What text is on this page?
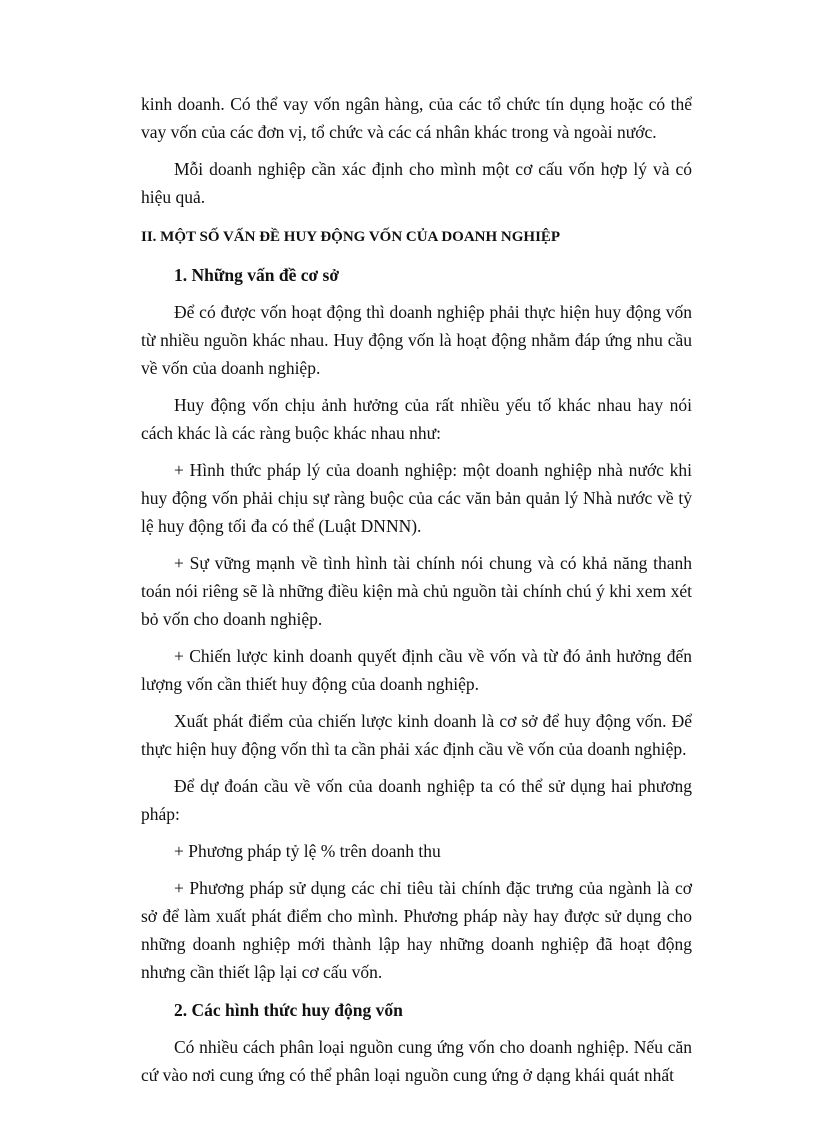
kinh doanh. Có thể vay vốn ngân hàng, của các tổ chức tín dụng hoặc có thể vay vốn của các đơn vị, tổ chức và các cá nhân khác trong và ngoài nước.

Mỗi doanh nghiệp cần xác định cho mình một cơ cấu vốn hợp lý và có hiệu quả.

II. MỘT SỐ VẤN ĐỀ HUY ĐỘNG VỐN CỦA DOANH NGHIỆP

1. Những vấn đề cơ sở

Để có được vốn hoạt động thì doanh nghiệp phải thực hiện huy động vốn từ nhiều nguồn khác nhau. Huy động vốn là hoạt động nhằm đáp ứng nhu cầu về vốn của doanh nghiệp.

Huy động vốn chịu ảnh hưởng của rất nhiều yếu tố khác nhau hay nói cách khác là các ràng buộc khác nhau như:

+ Hình thức pháp lý của doanh nghiệp: một doanh nghiệp nhà nước khi huy động vốn phải chịu sự ràng buộc của các văn bản quản lý Nhà nước về tỷ lệ huy động tối đa có thể (Luật DNNN).

+ Sự vững mạnh về tình hình tài chính nói chung và có khả năng thanh toán nói riêng sẽ là những điều kiện mà chủ nguồn tài chính chú ý khi xem xét bỏ vốn cho doanh nghiệp.

+ Chiến lược kinh doanh quyết định cầu về vốn và từ đó ảnh hưởng đến lượng vốn cần thiết huy động của doanh nghiệp.

Xuất phát điểm của chiến lược kinh doanh là cơ sở để huy động vốn. Để thực hiện huy động vốn thì ta cần phải xác định cầu về vốn của doanh nghiệp.

Để dự đoán cầu về vốn của doanh nghiệp ta có thể sử dụng hai phương pháp:

+ Phương pháp tỷ lệ % trên doanh thu

+ Phương pháp sử dụng các chỉ tiêu tài chính đặc trưng của ngành là cơ sở để làm xuất phát điểm cho mình. Phương pháp này hay được sử dụng cho những doanh nghiệp mới thành lập hay những doanh nghiệp đã hoạt động nhưng cần thiết lập lại cơ cấu vốn.

2. Các hình thức huy động vốn

Có nhiều cách phân loại nguồn cung ứng vốn cho doanh nghiệp. Nếu căn cứ vào nơi cung ứng có thể phân loại nguồn cung ứng ở dạng khái quát nhất
